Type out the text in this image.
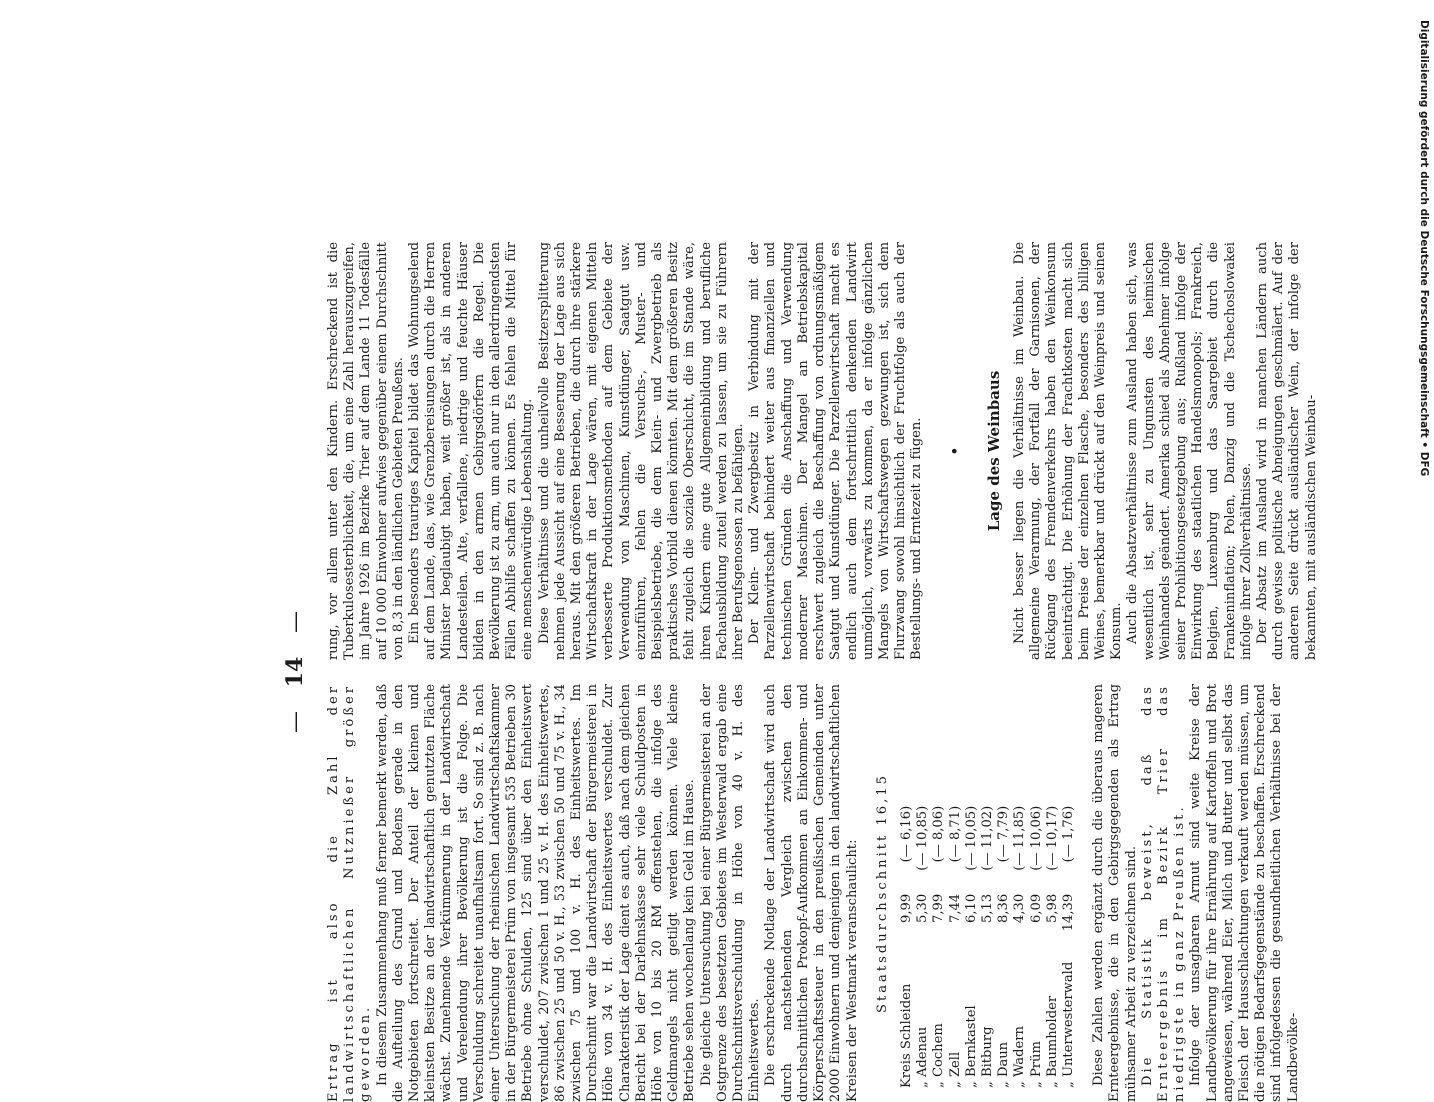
Digitalisierung gefördert durch die Deutsche Forschungsgemeinschaft • DFG
— 14 —

Ertrag ist also die Zahl der landwirtschaftlichen Nutznießer größer geworden. In diesem Zusammenhang muß ferner bemerkt werden, daß die Aufteilung des Grund und Bodens gerade in den Notgebieten fortschreitet. Der Anteil der kleinen und kleinsten Besitze an der landwirtschaftlich genutzten Fläche wächst. Zunehmende Verkümmerung in der Landwirtschaft und Verelendung ihrer Bevölkerung ist die Folge. Die Verschuldung schreitet unaufhaltsam fort. So sind z. B. nach einer Untersuchung der rheinischen Landwirtschaftskammer in der Bürgermeisterei Prüm von insgesamt 535 Betrieben 30 Betriebe ohne Schulden, 125 sind über den Einheitswert verschuldet, 207 zwischen 1 und 25 v. H. des Einheitswertes, 86 zwischen 25 und 50 v. H., 53 zwischen 50 und 75 v. H., 34 zwischen 75 und 100 v. H. des Einheitswertes. Im Durchschnitt war die Landwirtschaft der Bürgermeisterei in Höhe von 34 v. H. des Einheitswertes verschuldet. Zur Charakteristik der Lage dient es auch, daß nach dem gleichen Bericht bei der Darlehnskasse sehr viele Schuldposten in Höhe von 10 bis 20 RM offenstehen, die infolge des Geldmangels nicht getilgt werden können. Viele kleine Betriebe sehen wochenlang kein Geld im Hause. Die gleiche Untersuchung bei einer Bürgermeisterei an der Ostgrenze des besetzten Gebietes im Westerwald ergab eine Durchschnittsverschuldung in Höhe von 40 v. H. des Einheitswertes. Die erschreckende Notlage der Landwirtschaft wird auch durch nachstehenden Vergleich zwischen den durchschnittlichen Prokopf-Aufkommen an Einkommen- und Körperschaftssteuer in den preußischen Gemeinden unter 2000 Einwohnern und demjenigen in den landwirtschaftlichen Kreisen der Westmark veranschaulicht: Staatsdurchschnitt 16,15
Kreis Schleiden	9,99	(— 6,16)
„ Adenau	5,30	(— 10,85)
„ Cochem	7,99	(— 8,06)
„ Zell	7,44	(— 8,71)
„ Bernkastel	6,10	(— 10,05)
„ Bitburg	5,13	(— 11,02)
„ Daun	8,36	(— 7,79)
„ Wadern	4,30	(— 11,85)
„ Prüm	6,09	(— 10,06)
„ Baumholder	5,98	(— 10,17)
„ Unterwesterwald	14,39	(— 1,76) Diese Zahlen werden ergänzt durch die überaus mageren Ernteergebnisse, die in den Gebirgsgegenden als Ertrag mühsamer Arbeit zu verzeichnen sind. Die Statistik beweist, daß das Ernteergebnis im Bezirk Trier das niedrigste in ganz Preußen ist. Infolge der unsagbaren Armut sind weite Kreise der Landbevölkerung für ihre Ernährung auf Kartoffeln und Brot angewiesen, während Eier, Milch und Butter und selbst das Fleisch der Hausschlachtungen verkauft werden müssen, um die nötigen Bedarfsgegenstände zu beschaffen. Erschreckend sind infolgedessen die gesundheitlichen Verhältnisse bei der Landbevölke-

rung, vor allem unter den Kindern. Erschreckend ist die Tuberkulosesterblichkeit, die, um eine Zahl herauszugreifen, im Jahre 1926 im Bezirke Trier auf dem Lande 11 Todesfälle auf 10 000 Einwohner aufwies gegenüber einem Durchschnitt von 8,3 in den ländlichen Gebieten Preußens. Ein besonders trauriges Kapitel bildet das Wohnungselend auf dem Lande, das, wie Grenzbereisungen durch die Herren Minister beglaubigt haben, weit größer ist, als in anderen Landesteilen. Alte, verfallene, niedrige und feuchte Häuser bilden in den armen Gebirgsdörfern die Regel. Die Bevölkerung ist zu arm, um auch nur in den allerdringendsten Fällen Abhilfe schaffen zu können. Es fehlen die Mittel für eine menschenwürdige Lebenshaltung. Diese Verhältnisse und die unheilvolle Besitzersplitterung nehmen jede Aussicht auf eine Besserung der Lage aus sich heraus. Mit den größeren Betrieben, die durch ihre stärkere Wirtschaftskraft in der Lage wären, mit eigenen Mitteln verbesserte Produktionsmethoden auf dem Gebiete der Verwendung von Maschinen, Kunstdünger, Saatgut usw. einzuführen, fehlen die Versuchs-, Muster- und Beispielsbetriebe, die dem Klein- und Zwergbetrieb als praktisches Vorbild dienen könnten. Mit dem größeren Besitz fehlt zugleich die soziale Oberschicht, die im Stande wäre, ihren Kindern eine gute Allgemeinbildung und berufliche Fachausbildung zuteil werden zu lassen, um sie zu Führern ihrer Berufsgenossen zu befähigen. Der Klein- und Zwergbesitz in Verbindung mit der Parzellenwirtschaft behindert weiter aus finanziellen und technischen Gründen die Anschaffung und Verwendung moderner Maschinen. Der Mangel an Betriebskapital erschwert zugleich die Beschaffung von ordnungsmäßigem Saatgut und Kunstdünger. Die Parzellenwirtschaft macht es endlich auch dem fortschrittlich denkenden Landwirt unmöglich, vorwärts zu kommen, da er infolge gänzlichen Mangels von Wirtschaftswegen gezwungen ist, sich dem Flurzwang sowohl hinsichtlich der Fruchtfolge als auch der Bestellungs- und Erntezeit zu fügen. • Lage des Weinbaus Nicht besser liegen die Verhältnisse im Weinbau. Die allgemeine Verarmung, der Fortfall der Garnisonen, der Rückgang des Fremdenverkehrs haben den Weinkonsum beeinträchtigt. Die Erhöhung der Frachtkosten macht sich beim Preise der einzelnen Flasche, besonders des billigen Weines, bemerkbar und drückt auf den Weinpreis und seinen Konsum. Auch die Absatzverhältnisse zum Ausland haben sich, was wesentlich ist, sehr zu Ungunsten des heimischen Weinhandels geändert. Amerika schied als Abnehmer infolge seiner Prohibitionsgesetzgebung aus; Rußland infolge der Einwirkung des staatlichen Handelsmonopols; Frankreich, Belgien, Luxemburg und das Saargebiet durch die Frankeninflation; Polen, Danzig und die Tschechoslowakei infolge ihrer Zollverhältnisse. Der Absatz im Ausland wird in manchen Ländern auch durch gewisse politische Abneigungen geschmälert. Auf der anderen Seite drückt ausländischer Wein, der infolge der bekannten, mit ausländischen Weinbau-
